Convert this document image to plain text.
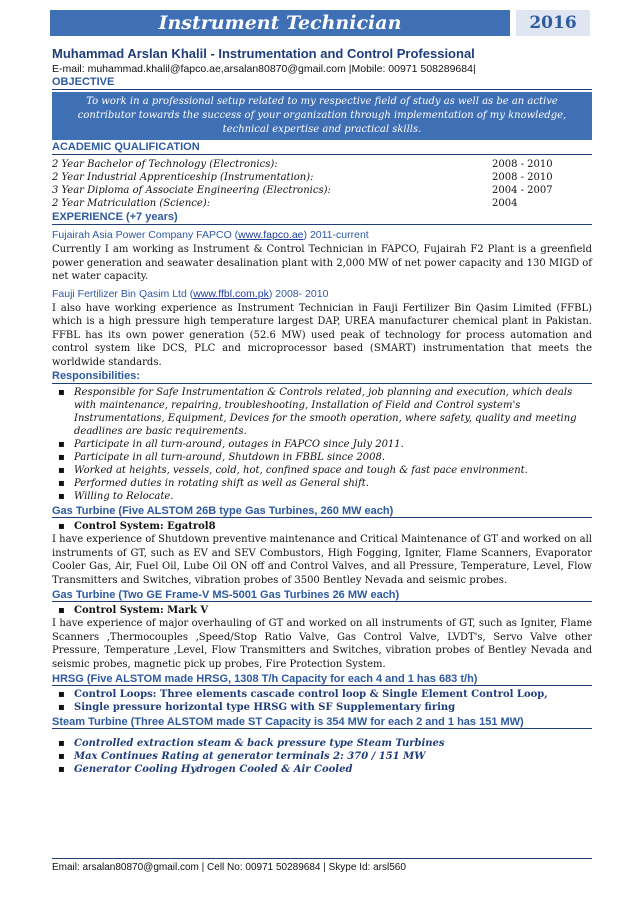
Instrument Technician	2016
Muhammad Arslan Khalil - Instrumentation and Control Professional
E-mail: muhammad.khalil@fapco.ae,arsalan80870@gmail.com |Mobile: 00971 508289684|
OBJECTIVE
To work in a professional setup related to my respective field of study as well as be an active contributor towards the success of your organization through implementation of my knowledge, technical expertise and practical skills.
ACADEMIC QUALIFICATION
2 Year Bachelor of Technology (Electronics):	2008 - 2010
2 Year Industrial Apprenticeship (Instrumentation):	2008 - 2010
3 Year Diploma of Associate Engineering (Electronics):	2004 - 2007
2 Year Matriculation (Science):	2004
EXPERIENCE (+7 years)
Fujairah Asia Power Company FAPCO (www.fapco.ae) 2011-current

Currently I am working as Instrument & Control Technician in FAPCO, Fujairah F2 Plant is a greenfield power generation and seawater desalination plant with 2,000 MW of net power capacity and 130 MIGD of net water capacity.

Fauji Fertilizer Bin Qasim Ltd (www.ffbl.com.pk) 2008- 2010

I also have working experience as Instrument Technician in Fauji Fertilizer Bin Qasim Limited (FFBL) which is a high pressure high temperature largest DAP, UREA manufacturer chemical plant in Pakistan. FFBL has its own power generation (52.6 MW) used peak of technology for process automation and control system like DCS, PLC and microprocessor based (SMART) instrumentation that meets the worldwide standards.

Responsibilities:
▪ Responsible for Safe Instrumentation & Controls related, job planning and execution, which deals with maintenance, repairing, troubleshooting, Installation of Field and Control system's Instrumentations, Equipment, Devices for the smooth operation, where safety, quality and meeting deadlines are basic requirements.
▪ Participate in all turn-around, outages in FAPCO since July 2011.
▪ Participate in all turn-around, Shutdown in FBBL since 2008.
▪ Worked at heights, vessels, cold, hot, confined space and tough & fast pace environment.
▪ Performed duties in rotating shift as well as General shift.
▪ Willing to Relocate.
Gas Turbine (Five ALSTOM 26B type Gas Turbines, 260 MW each)
▪ Control System: Egatrol8

I have experience of Shutdown preventive maintenance and Critical Maintenance of GT and worked on all instruments of GT, such as EV and SEV Combustors, High Fogging, Igniter, Flame Scanners, Evaporator Cooler Gas, Air, Fuel Oil, Lube Oil ON off and Control Valves, and all Pressure, Temperature, Level, Flow Transmitters and Switches, vibration probes of 3500 Bentley Nevada and seismic probes.

Gas Turbine (Two GE Frame-V MS-5001 Gas Turbines 26 MW each)
▪ Control System: Mark V

I have experience of major overhauling of GT and worked on all instruments of GT, such as Igniter, Flame Scanners ,Thermocouples ,Speed/Stop Ratio Valve, Gas Control Valve, LVDT's, Servo Valve other Pressure, Temperature ,Level, Flow Transmitters and Switches, vibration probes of Bentley Nevada and seismic probes, magnetic pick up probes, Fire Protection System.

HRSG (Five ALSTOM made HRSG, 1308 T/h Capacity for each 4 and 1 has 683 t/h)
▪ Control Loops: Three elements cascade control loop & Single Element Control Loop,
▪ Single pressure horizontal type HRSG with SF Supplementary firing
Steam Turbine (Three ALSTOM made ST Capacity is 354 MW for each 2 and 1 has 151 MW)
▪ Controlled extraction steam & back pressure type Steam Turbines
▪ Max Continues Rating at generator terminals 2: 370 / 151 MW
▪ Generator Cooling Hydrogen Cooled & Air Cooled
Email: arsalan80870@gmail.com | Cell No: 00971 50289684 | Skype Id: arsl560
